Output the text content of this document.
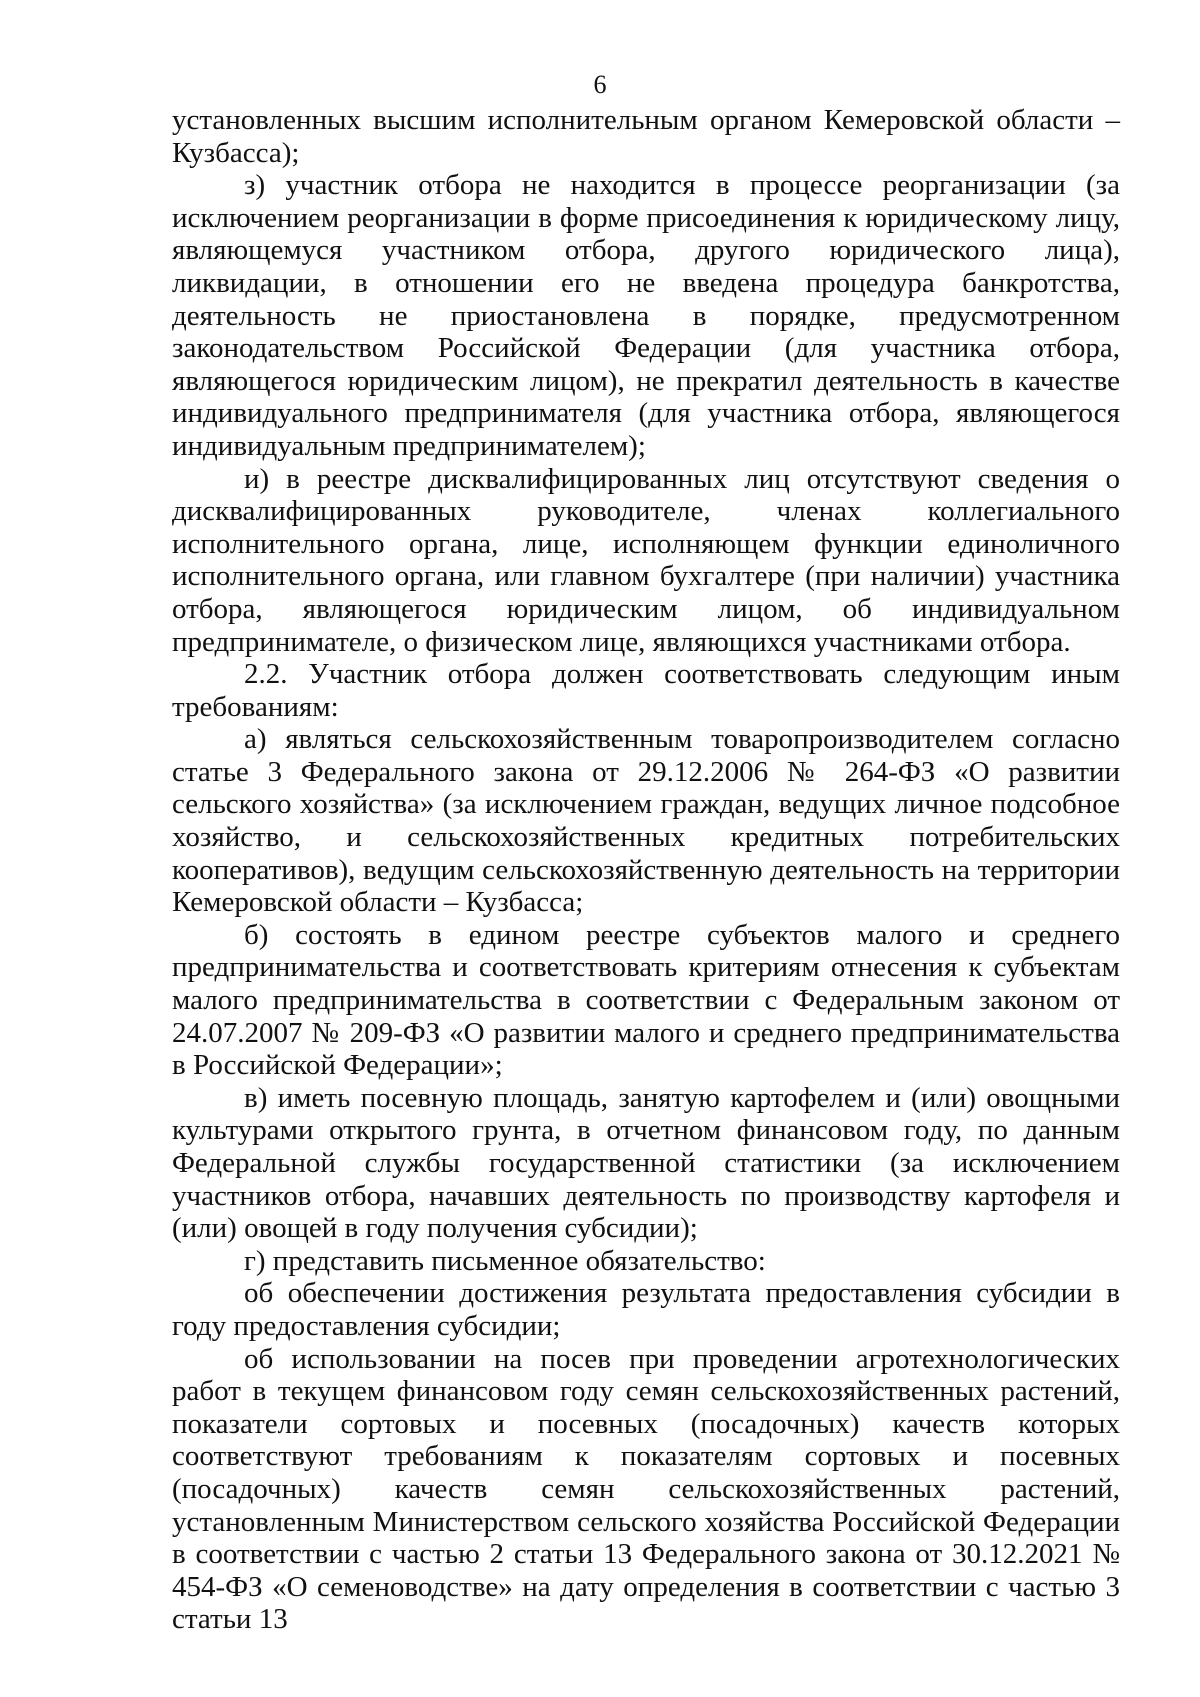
6

установленных высшим исполнительным органом Кемеровской области – Кузбасса);

з) участник отбора не находится в процессе реорганизации (за исключением реорганизации в форме присоединения к юридическому лицу, являющемуся участником отбора, другого юридического лица), ликвидации, в отношении его не введена процедура банкротства, деятельность не приостановлена в порядке, предусмотренном законодательством Российской Федерации (для участника отбора, являющегося юридическим лицом), не прекратил деятельность в качестве индивидуального предпринимателя (для участника отбора, являющегося индивидуальным предпринимателем);

и) в реестре дисквалифицированных лиц отсутствуют сведения о дисквалифицированных руководителе, членах коллегиального исполнительного органа, лице, исполняющем функции единоличного исполнительного органа, или главном бухгалтере (при наличии) участника отбора, являющегося юридическим лицом, об индивидуальном предпринимателе, о физическом лице, являющихся участниками отбора.

2.2. Участник отбора должен соответствовать следующим иным требованиям:

а) являться сельскохозяйственным товаропроизводителем согласно статье 3 Федерального закона от 29.12.2006 № 264-ФЗ «О развитии сельского хозяйства» (за исключением граждан, ведущих личное подсобное хозяйство, и сельскохозяйственных кредитных потребительских кооперативов), ведущим сельскохозяйственную деятельность на территории Кемеровской области – Кузбасса;

б) состоять в едином реестре субъектов малого и среднего предпринимательства и соответствовать критериям отнесения к субъектам малого предпринимательства в соответствии с Федеральным законом от 24.07.2007 № 209-ФЗ «О развитии малого и среднего предпринимательства в Российской Федерации»;

в) иметь посевную площадь, занятую картофелем и (или) овощными культурами открытого грунта, в отчетном финансовом году, по данным Федеральной службы государственной статистики (за исключением участников отбора, начавших деятельность по производству картофеля и (или) овощей в году получения субсидии);

г) представить письменное обязательство:

об обеспечении достижения результата предоставления субсидии в году предоставления субсидии;

об использовании на посев при проведении агротехнологических работ в текущем финансовом году семян сельскохозяйственных растений, показатели сортовых и посевных (посадочных) качеств которых соответствуют требованиям к показателям сортовых и посевных (посадочных) качеств семян сельскохозяйственных растений, установленным Министерством сельского хозяйства Российской Федерации в соответствии с частью 2 статьи 13 Федерального закона от 30.12.2021 № 454-ФЗ «О семеноводстве» на дату определения в соответствии с частью 3 статьи 13
